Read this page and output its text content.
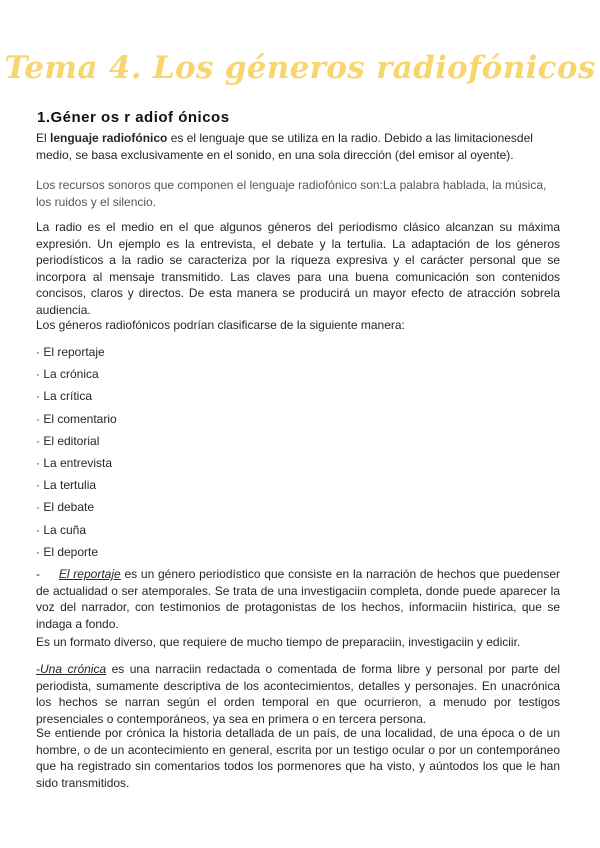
Tema 4. Los géneros radiofónicos
1.Géner os r adiof ónicos

El lenguaje radiofónico es el lenguaje que se utiliza en la radio. Debido a las limitacionesdel medio, se basa exclusivamente en el sonido, en una sola dirección (del emisor al oyente).

Los recursos sonoros que componen el lenguaje radiofónico son:La palabra hablada, la música, los ruidos y el silencio.

La radio es el medio en el que algunos géneros del periodismo clásico alcanzan su máxima expresión. Un ejemplo es la entrevista, el debate y la tertulia. La adaptación de los géneros periodísticos a la radio se caracteriza por la riqueza expresiva y el carácter personal que se incorpora al mensaje transmitido. Las claves para una buena comunicación son contenidos concisos, claros y directos. De esta manera se producirá un mayor efecto de atracción sobrela audiencia.

Los géneros radiofónicos podrían clasificarse de la siguiente manera:

· El reportaje
· La crónica
· La crítica
· El comentario
· El editorial
· La entrevista
· La tertulia
· El debate
· La cuña
· El deporte

-     El reportaje es un género periodístico que consiste en la narración de hechos que puedenser de actualidad o ser atemporales. Se trata de una investigaciin completa, donde puede aparecer la voz del narrador, con testimonios de protagonistas de los hechos, informaciin histirica, que se indaga a fondo.

Es un formato diverso, que requiere de mucho tiempo de preparaciin, investigaciin y ediciir.

-Una crónica es una narraciin redactada o comentada de forma libre y personal por parte del periodista, sumamente descriptiva de los acontecimientos, detalles y personajes. En unacrónica los hechos se narran según el orden temporal en que ocurrieron, a menudo por testigos presenciales o contemporáneos, ya sea en primera o en tercera persona.

Se entiende por crónica la historia detallada de un país, de una localidad, de una época o de un hombre, o de un acontecimiento en general, escrita por un testigo ocular o por un contemporáneo que ha registrado sin comentarios todos los pormenores que ha visto, y aúntodos los que le han sido transmitidos.
